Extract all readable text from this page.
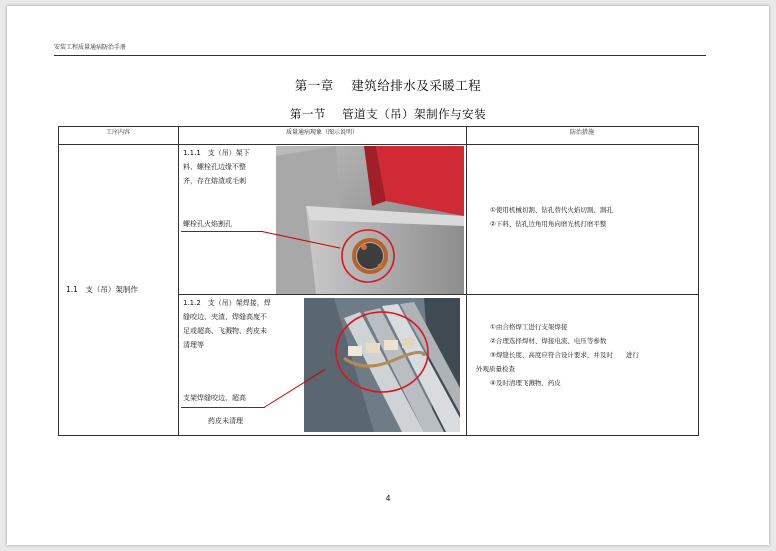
安装工程质量通病防治手册
第一章　 建筑给排水及采暖工程
第一节　 管道支（吊）架制作与安装
工序内容	质量通病现象（图示说明）	防治措施
1.1　支（吊）架制作
1.1.1　支（吊）架下
料、螺栓孔边缘不整
齐，存在熔渣或毛刺
螺栓孔火焰割孔
①使用机械切割、钻孔替代火焰切割、割孔
②下料、钻孔边角用角向磨光机打磨平整
1.1.2　支（吊）架焊接，焊
缝咬边、夹渣、焊缝高度不
足或超高、飞溅物、药皮未
清理等
支架焊缝咬边、超高
药皮未清理
①由合格焊工进行支架焊接
②合理选择焊材、焊接电流、电压等参数
③焊缝长度、高度应符合设计要求，并及时　　进行
外观质量检查
④及时清理飞溅物、药皮
4
